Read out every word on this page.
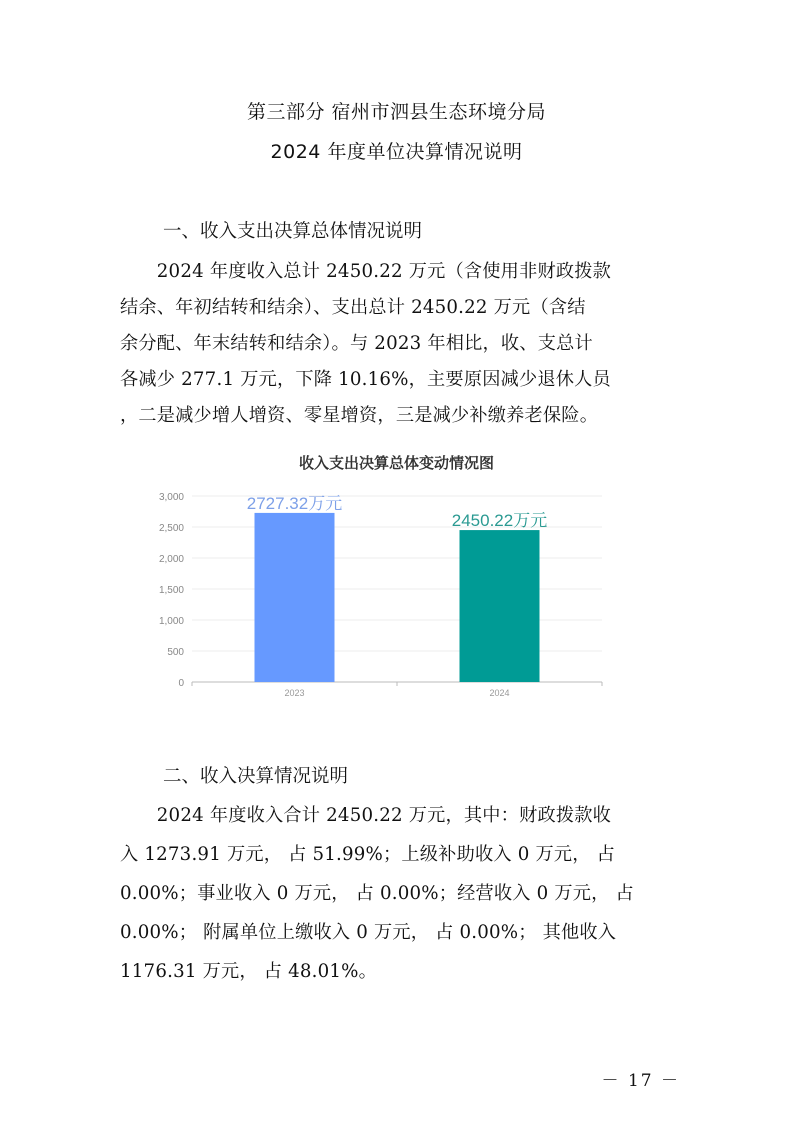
第三部分 宿州市泗县生态环境分局
2024 年度单位决算情况说明
一、收入支出决算总体情况说明
　　2024 年度收入总计 2450.22 万元（含使用非财政拨款
结余、年初结转和结余）、支出总计 2450.22 万元（含结
余分配、年末结转和结余）。与 2023 年相比，收、支总计
各减少 277.1 万元，下降 10.16%，主要原因减少退休人员
，二是减少增人增资、零星增资，三是减少补缴养老保险。
收入支出决算总体变动情况图
0
500
1,000
1,500
2,000
2,500
3,000	2727.32万元
2023
2450.22万元
2024
二、收入决算情况说明
　　2024 年度收入合计 2450.22 万元，其中：财政拨款收
入 1273.91 万元， 占 51.99%；上级补助收入 0 万元， 占
0.00%；事业收入 0 万元， 占 0.00%；经营收入 0 万元， 占
0.00%； 附属单位上缴收入 0 万元， 占 0.00%； 其他收入
1176.31 万元， 占 48.01%。
－ 17 －
